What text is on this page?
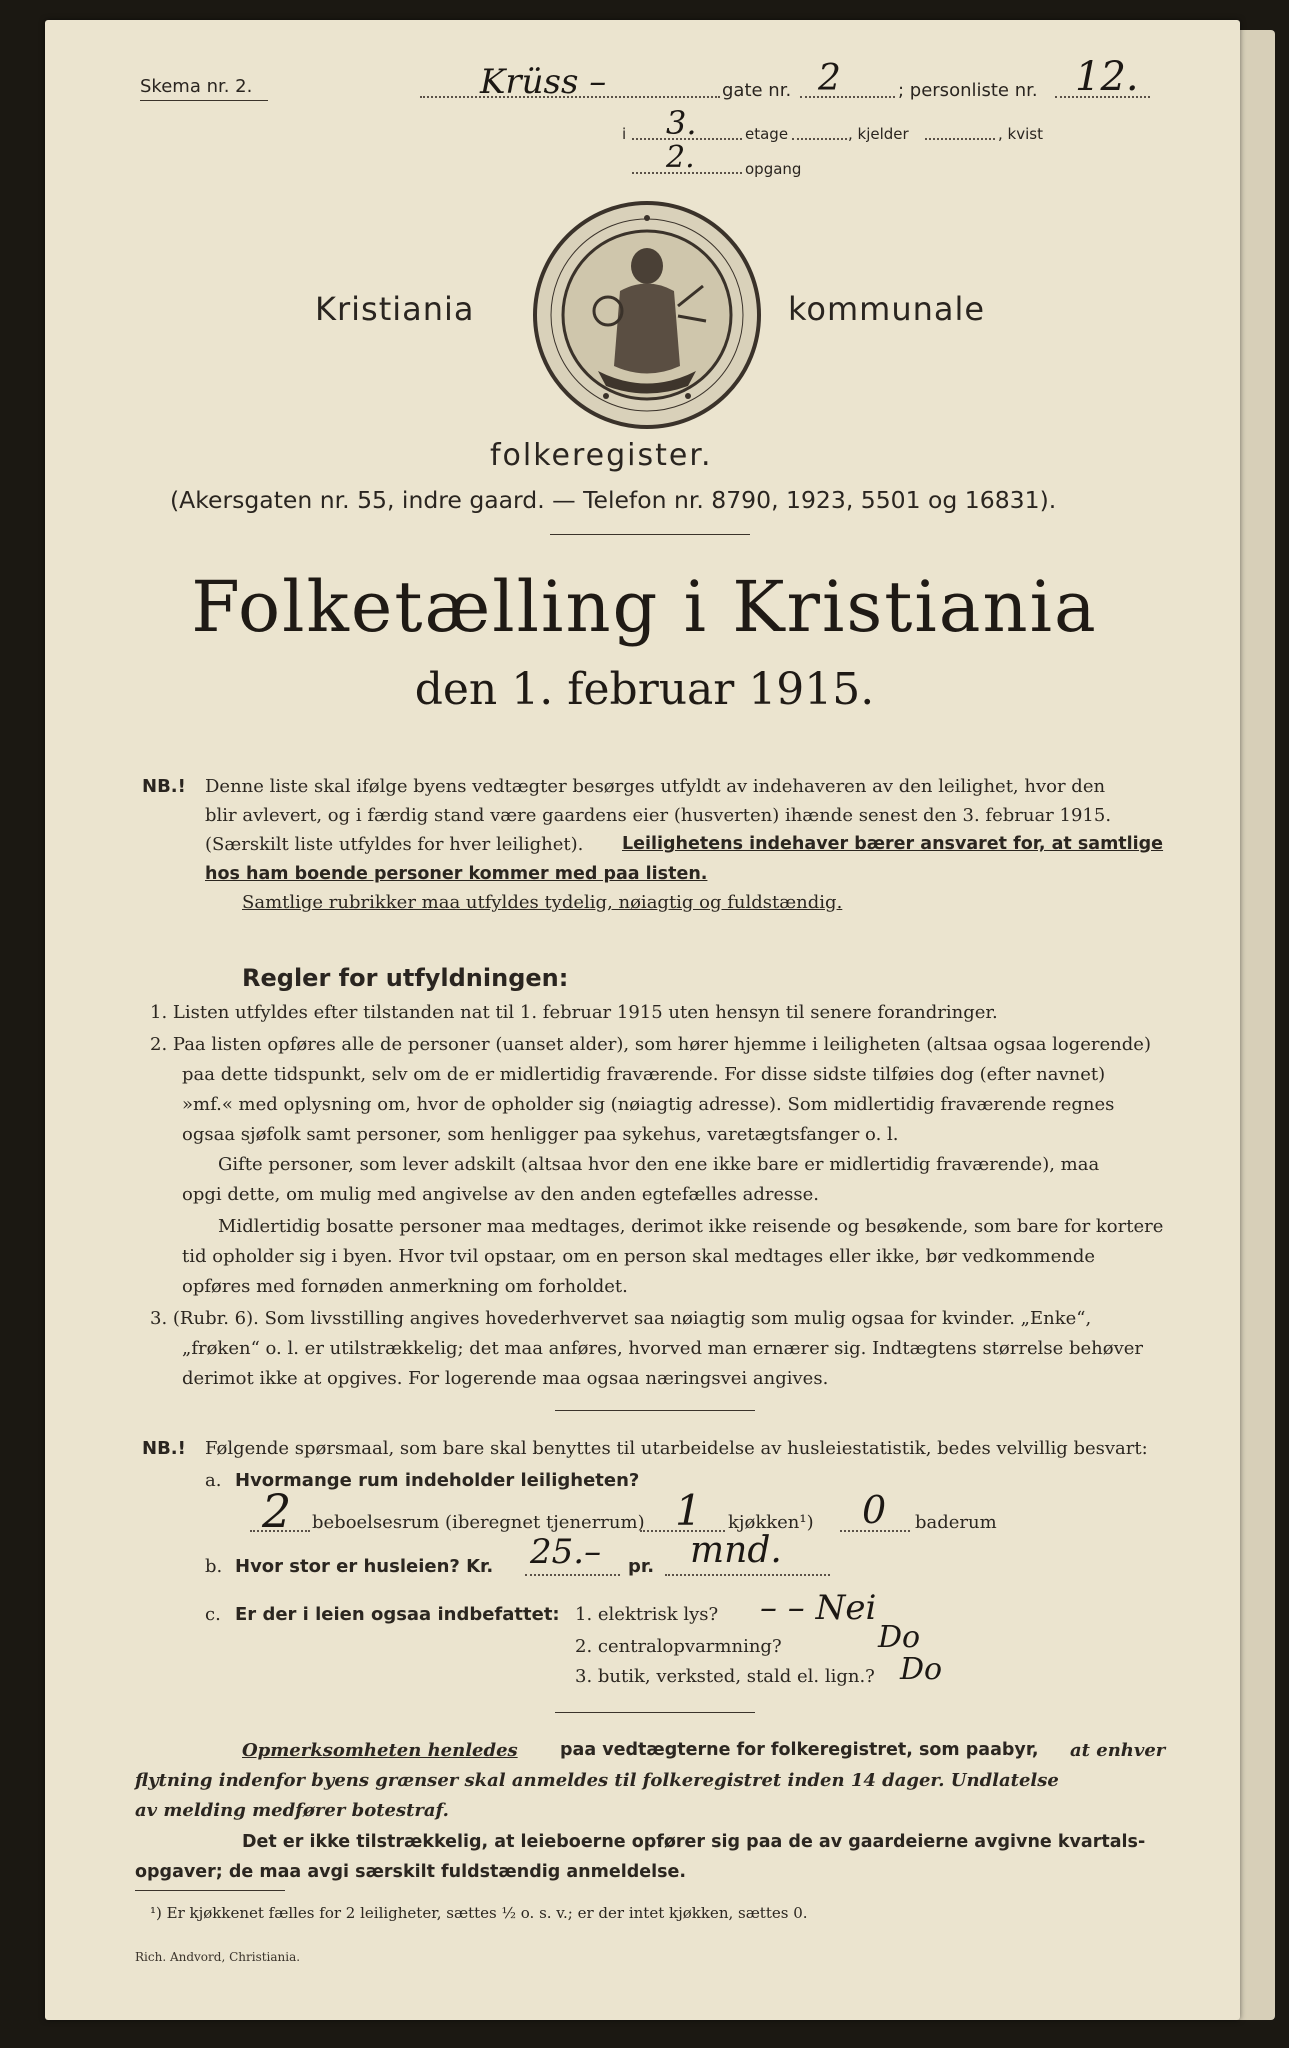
Skema nr. 2.	Krüss –	gate nr. 2	; personliste nr. 12.
i 3.	etage	, kjelder	, kvist
2.	opgang
Kristiania	kommunale
folkeregister.
(Akersgaten nr. 55, indre gaard. — Telefon nr. 8790, 1923, 5501 og 16831).
Folketælling i Kristiania
den 1. februar 1915.
NB.! Denne liste skal ifølge byens vedtægter besørges utfyldt av indehaveren av den leilighet, hvor den
blir avlevert, og i færdig stand være gaardens eier (husverten) ihænde senest den 3. februar 1915.
(Særskilt liste utfyldes for hver leilighet). Leilighetens indehaver bærer ansvaret for, at samtlige
hos ham boende personer kommer med paa listen.
Samtlige rubrikker maa utfyldes tydelig, nøiagtig og fuldstændig.
Regler for utfyldningen:
1. Listen utfyldes efter tilstanden nat til 1. februar 1915 uten hensyn til senere forandringer.
2. Paa listen opføres alle de personer (uanset alder), som hører hjemme i leiligheten (altsaa ogsaa logerende)
paa dette tidspunkt, selv om de er midlertidig fraværende. For disse sidste tilføies dog (efter navnet)
»mf.« med oplysning om, hvor de opholder sig (nøiagtig adresse). Som midlertidig fraværende regnes
ogsaa sjøfolk samt personer, som henligger paa sykehus, varetægtsfanger o. l.
Gifte personer, som lever adskilt (altsaa hvor den ene ikke bare er midlertidig fraværende), maa
opgi dette, om mulig med angivelse av den anden egtefælles adresse.
Midlertidig bosatte personer maa medtages, derimot ikke reisende og besøkende, som bare for kortere
tid opholder sig i byen. Hvor tvil opstaar, om en person skal medtages eller ikke, bør vedkommende
opføres med fornøden anmerkning om forholdet.
3. (Rubr. 6). Som livsstilling angives hovederhvervet saa nøiagtig som mulig ogsaa for kvinder. „Enke“,
„frøken“ o. l. er utilstrækkelig; det maa anføres, hvorved man ernærer sig. Indtægtens størrelse behøver
derimot ikke at opgives. For logerende maa ogsaa næringsvei angives.
NB.! Følgende spørsmaal, som bare skal benyttes til utarbeidelse av husleiestatistik, bedes velvillig besvart:
a. Hvormange rum indeholder leiligheten?
2 beboelsesrum (iberegnet tjenerrum) 1 kjøkken¹) 0 baderum
b. Hvor stor er husleien? Kr. 25.– pr. mnd.
c. Er der i leien ogsaa indbefattet: 1. elektrisk lys? – – Nei
2. centralopvarmning?	Do
3. butik, verksted, stald el. lign.? Do
Opmerksomheten henledes paa vedtægterne for folkeregistret, som paabyr, at enhver
flytning indenfor byens grænser skal anmeldes til folkeregistret inden 14 dager. Undlatelse
av melding medfører botestraf.
Det er ikke tilstrækkelig, at leieboerne opfører sig paa de av gaardeierne avgivne kvartals-
opgaver; de maa avgi særskilt fuldstændig anmeldelse.
¹) Er kjøkkenet fælles for 2 leiligheter, sættes ½ o. s. v.; er der intet kjøkken, sættes 0.
Rich. Andvord, Christiania.
